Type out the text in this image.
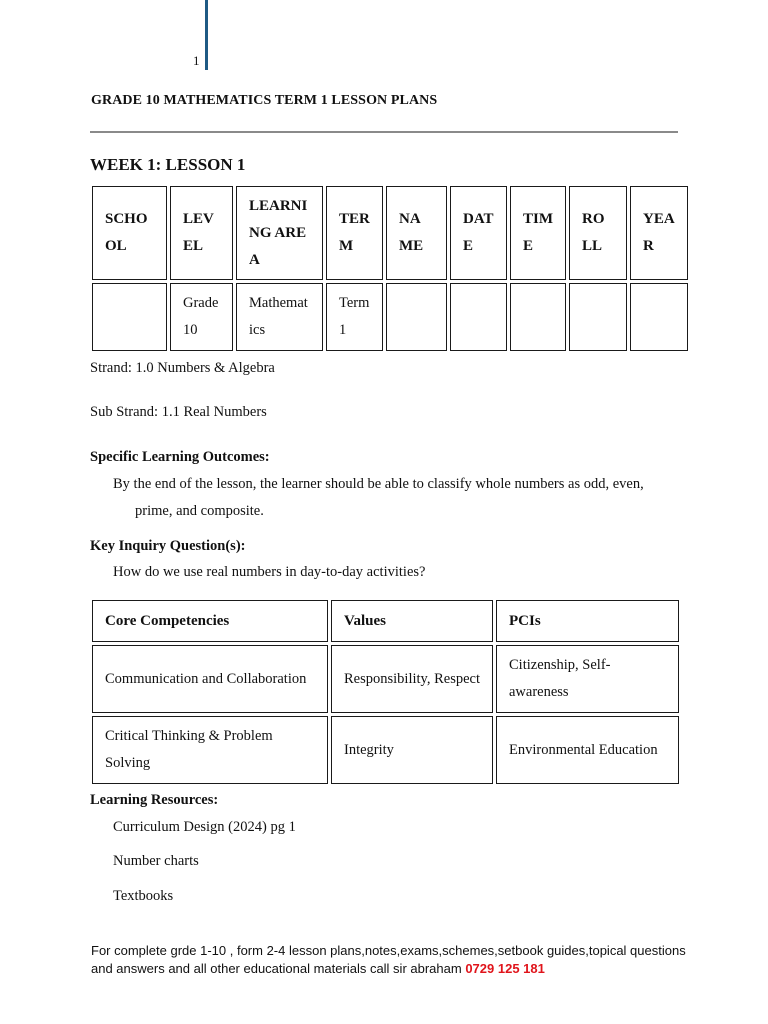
1
GRADE 10 MATHEMATICS TERM 1 LESSON PLANS
WEEK 1: LESSON 1
SCHO OL	LEV EL	LEARNI NG AREA	TER M	NA ME	DAT E	TIM E	RO LL	YEA R
	Grade 10	Mathemat ics	Term 1					
Strand: 1.0 Numbers & Algebra
Sub Strand: 1.1 Real Numbers
Specific Learning Outcomes:
By the end of the lesson, the learner should be able to classify whole numbers as odd, even,
prime, and composite.
Key Inquiry Question(s):
How do we use real numbers in day-to-day activities?
Core Competencies	Values	PCIs
Communication and Collaboration	Responsibility, Respect	Citizenship, Self-awareness
Critical Thinking & Problem Solving	Integrity	Environmental Education
Learning Resources:
Curriculum Design (2024) pg 1
Number charts
Textbooks
For complete grde 1-10 , form 2-4 lesson plans,notes,exams,schemes,setbook guides,topical questions and answers and all other educational materials call sir abraham 0729 125 181
